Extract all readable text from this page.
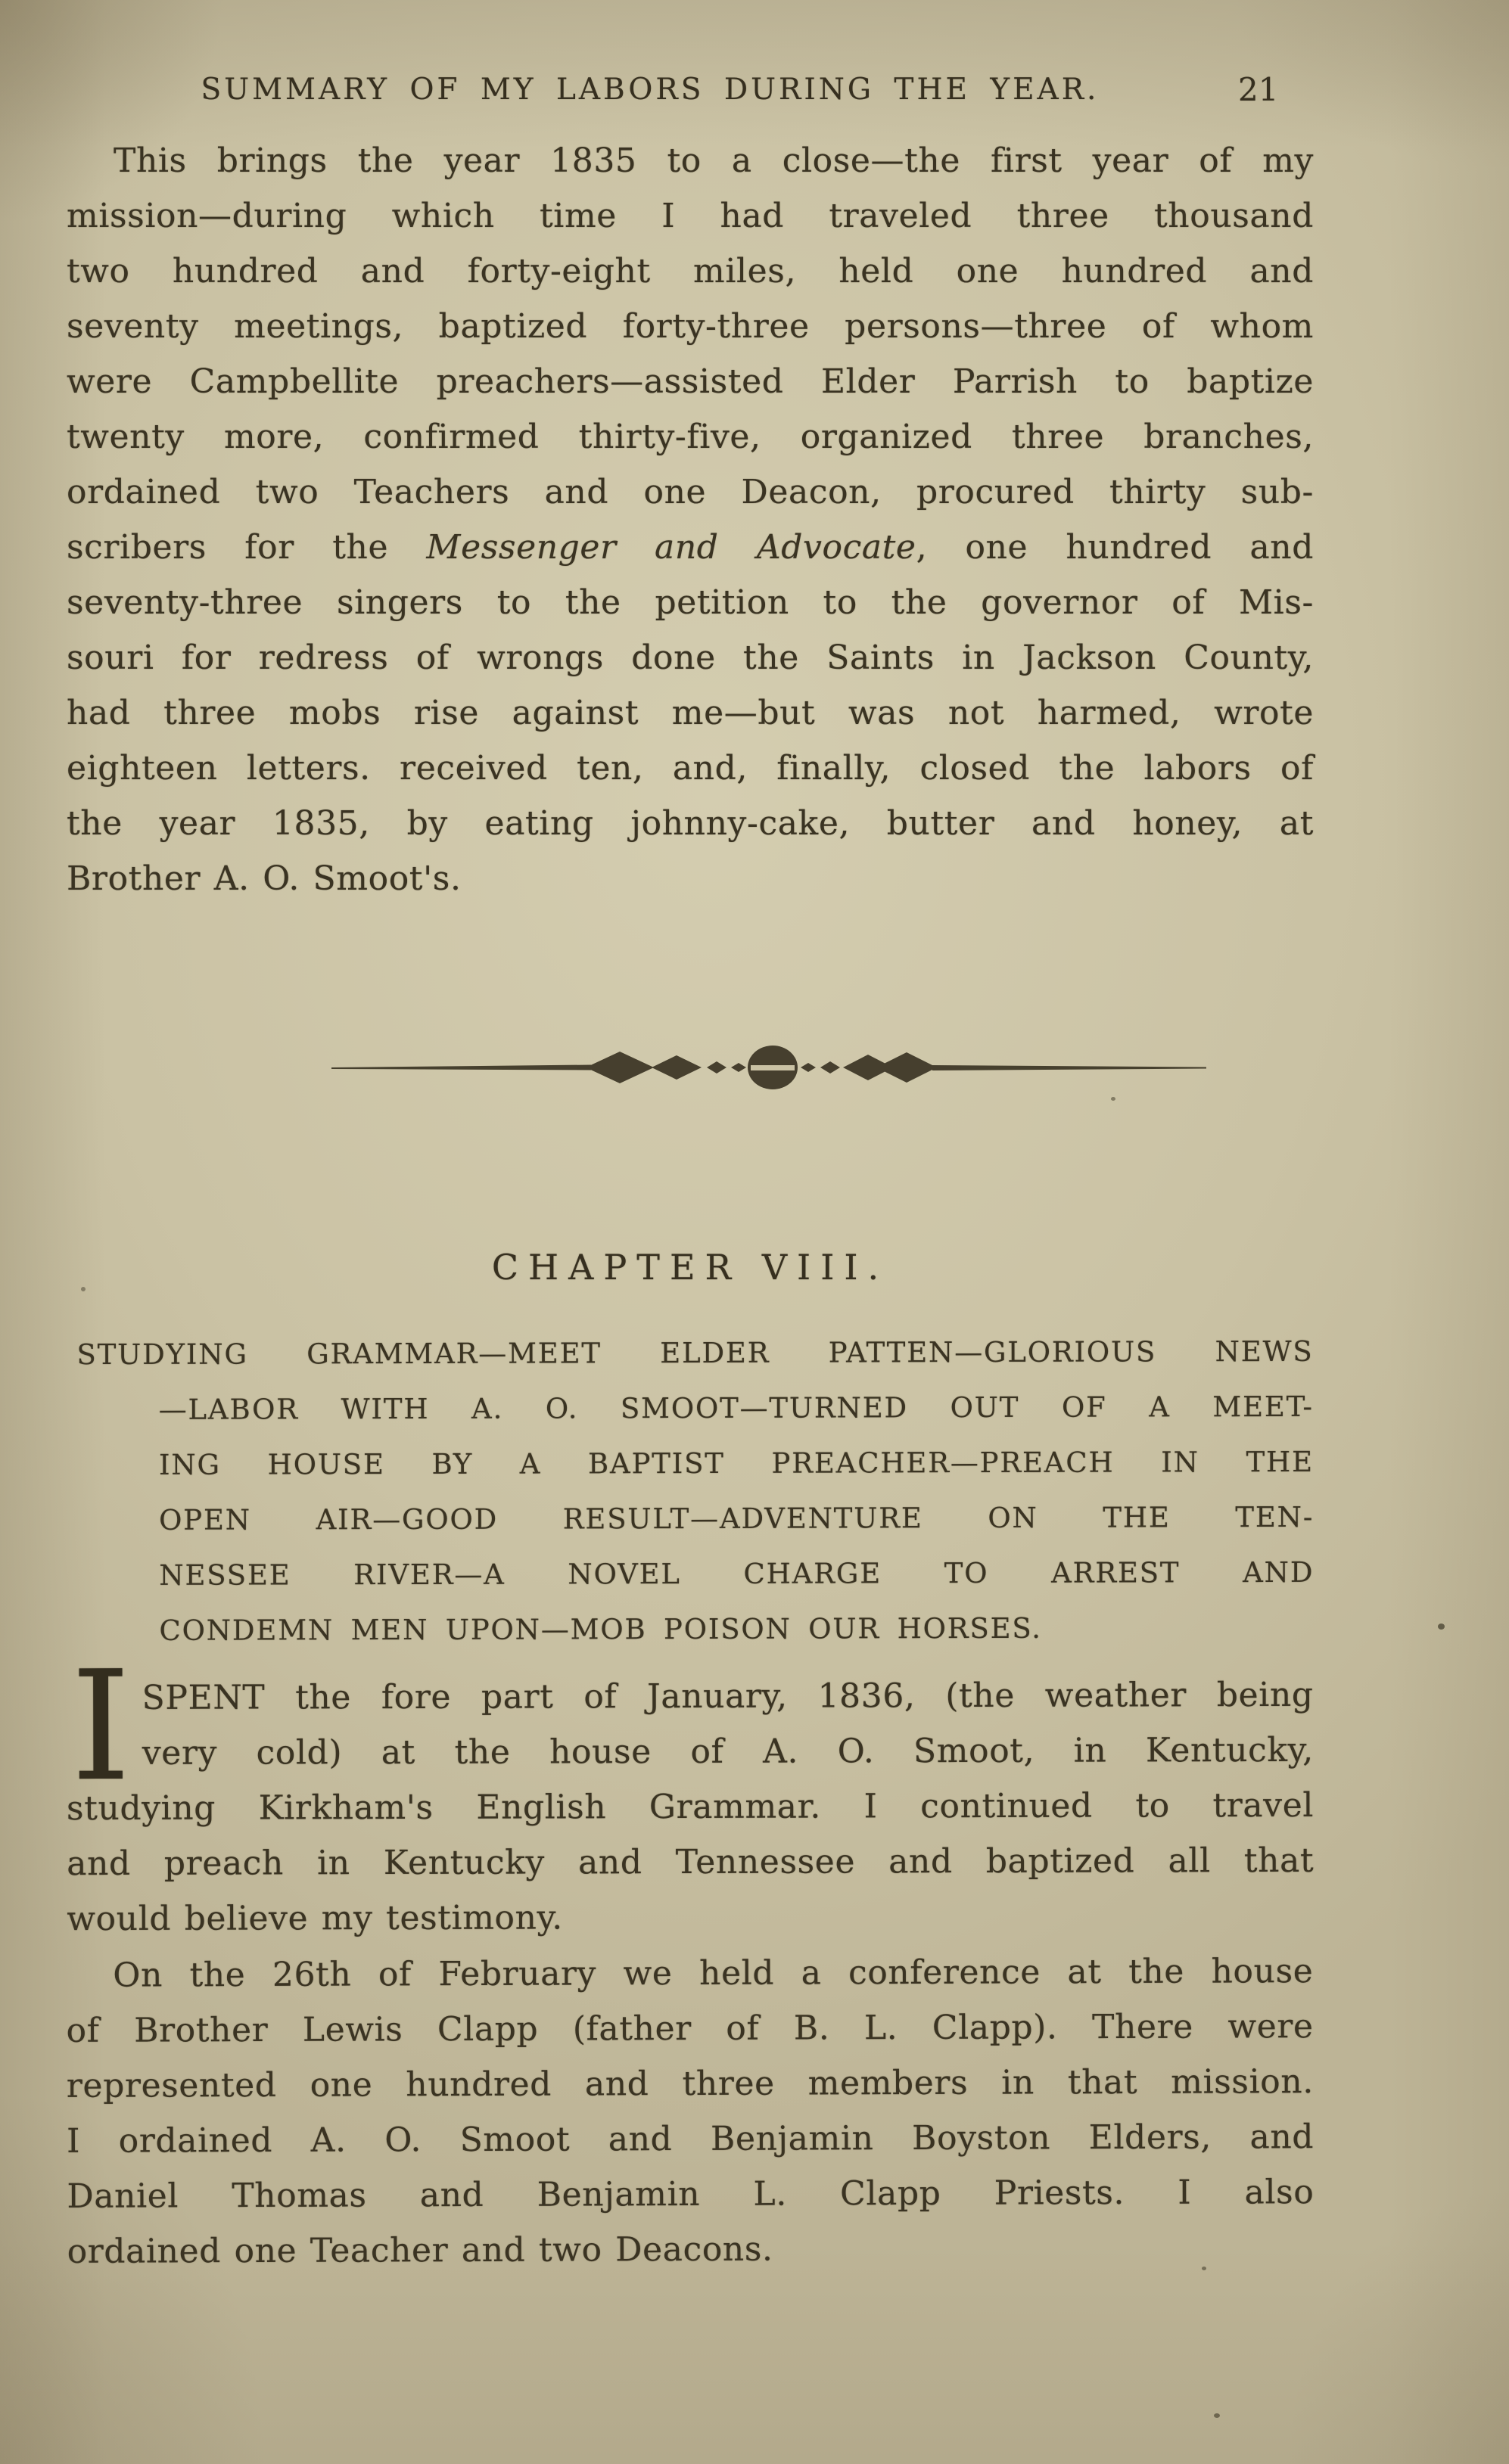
SUMMARY OF MY LABORS DURING THE YEAR.	21
This brings the year 1835 to a close—the first year of my
mission—during which time I had traveled three thousand
two hundred and forty-eight miles, held one hundred and
seventy meetings, baptized forty-three persons—three of whom
were Campbellite preachers—assisted Elder Parrish to baptize
twenty more, confirmed thirty-five, organized three branches,
ordained two Teachers and one Deacon, procured thirty sub-
scribers for the Messenger and Advocate, one hundred and
seventy-three singers to the petition to the governor of Mis-
souri for redress of wrongs done the Saints in Jackson County,
had three mobs rise against me—but was not harmed, wrote
eighteen letters. received ten, and, finally, closed the labors of
the year 1835, by eating johnny-cake, butter and honey, at
Brother A. O. Smoot's.
CHAPTER VIII.
STUDYING GRAMMAR—MEET ELDER PATTEN—GLORIOUS NEWS
—LABOR WITH A. O. SMOOT—TURNED OUT OF A MEET-
ING HOUSE BY A BAPTIST PREACHER—PREACH IN THE
OPEN AIR—GOOD RESULT—ADVENTURE ON THE TEN-
NESSEE RIVER—A NOVEL CHARGE TO ARREST AND
CONDEMN MEN UPON—MOB POISON OUR HORSES.
I SPENT the fore part of January, 1836, (the weather being
very cold) at the house of A. O. Smoot, in Kentucky,
studying Kirkham's English Grammar. I continued to travel
and preach in Kentucky and Tennessee and baptized all that
would believe my testimony.
On the 26th of February we held a conference at the house
of Brother Lewis Clapp (father of B. L. Clapp). There were
represented one hundred and three members in that mission.
I ordained A. O. Smoot and Benjamin Boyston Elders, and
Daniel Thomas and Benjamin L. Clapp Priests. I also
ordained one Teacher and two Deacons.
